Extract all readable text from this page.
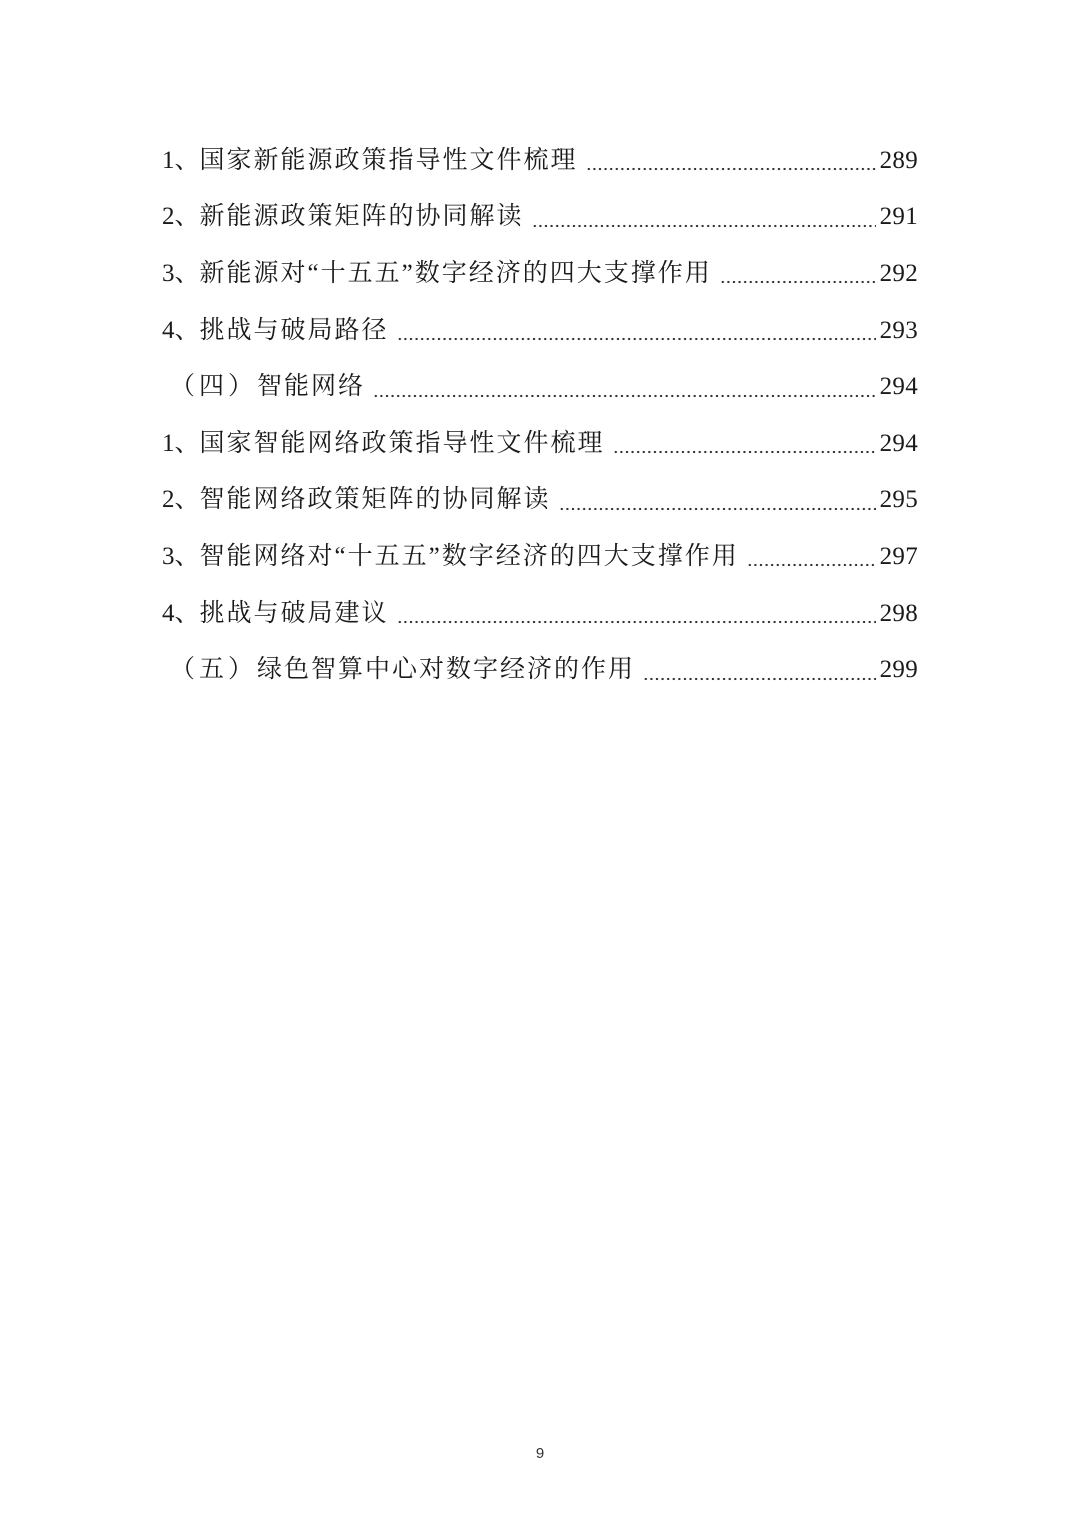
1、 国家新能源政策指导性文件梳理	289
2、 新能源政策矩阵的协同解读	291
3、 新能源对“十五五”数字经济的四大支撑作用	292
4、 挑战与破局路径	293
（四） 智能网络	294
1、 国家智能网络政策指导性文件梳理	294
2、 智能网络政策矩阵的协同解读	295
3、 智能网络对“十五五”数字经济的四大支撑作用	297
4、 挑战与破局建议	298
（五） 绿色智算中心对数字经济的作用	299
9
